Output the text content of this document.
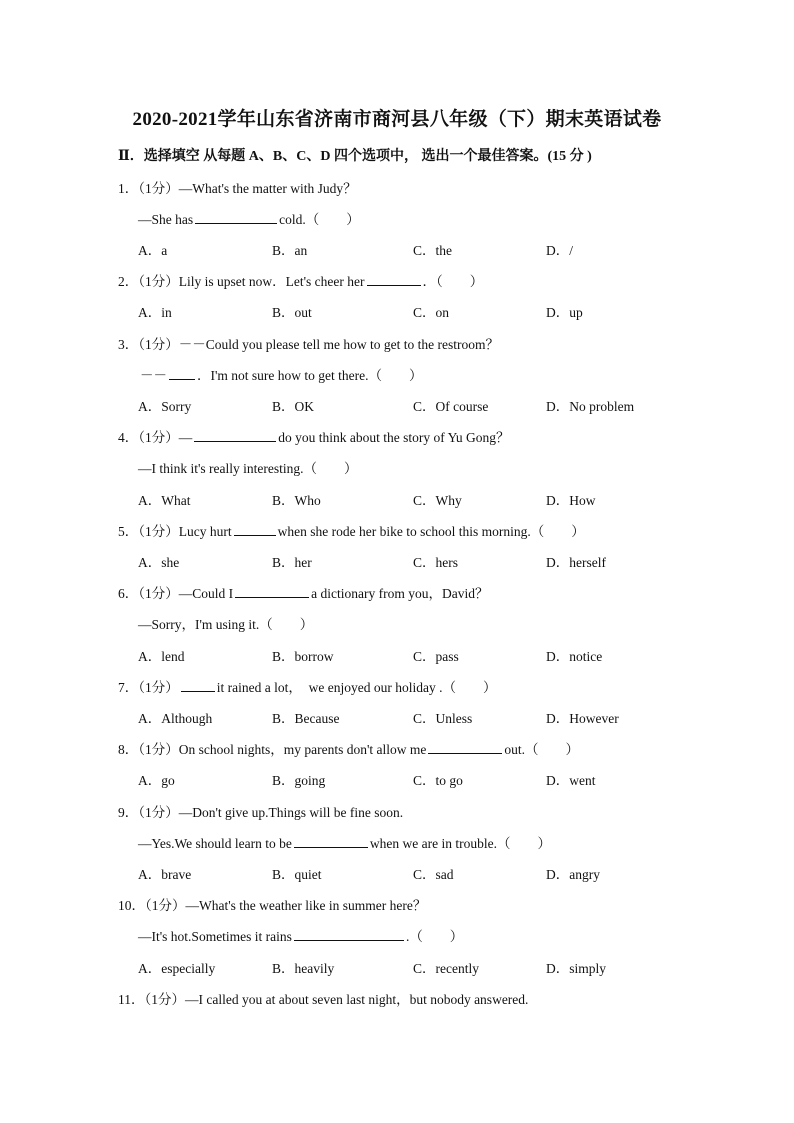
2020-2021学年山东省济南市商河县八年级（下）期末英语试卷
Ⅱ．选择填空 从每题 A、B、C、D 四个选项中， 选出一个最佳答案。(15 分 )
1．（1分）—What's the matter with Judy？
—She has	cold.（        ）
A．a	B．an	C．the	D．/
2．（1分）Lily is upset now．Let's cheer her	．（        ）
A．in	B．out	C．on	D．up
3．（1分）－－Could you please tell me how to get to the restroom？
－－ ．I'm not sure how to get there.（        ）
A．Sorry	B．OK	C．Of course	D．No problem
4．（1分）—	do you think about the story of Yu Gong？
—I think it's really interesting.（        ）
A．What	B．Who	C．Why	D．How
5．（1分）Lucy hurt	when she rode her bike to school this morning.（        ）
A．she	B．her	C．hers	D．herself
6．（1分）—Could I	a dictionary from you，David？
—Sorry，I'm using it.（        ）
A．lend	B．borrow	C．pass	D．notice
7．（1分）	it rained a lot，  we enjoyed our holiday .（        ）
A．Although	B．Because	C．Unless	D．However
8．（1分）On school nights，my parents don't allow me	out.（        ）
A．go	B．going	C．to go	D．went
9．（1分）—Don't give up.Things will be fine soon.
—Yes.We should learn to be	when we are in trouble.（        ）
A．brave	B．quiet	C．sad	D．angry
10．（1分）—What's the weather like in summer here？
—It's hot.Sometimes it rains	.（        ）
A．especially	B．heavily	C．recently	D．simply
11．（1分）—I called you at about seven last night，but nobody answered.
